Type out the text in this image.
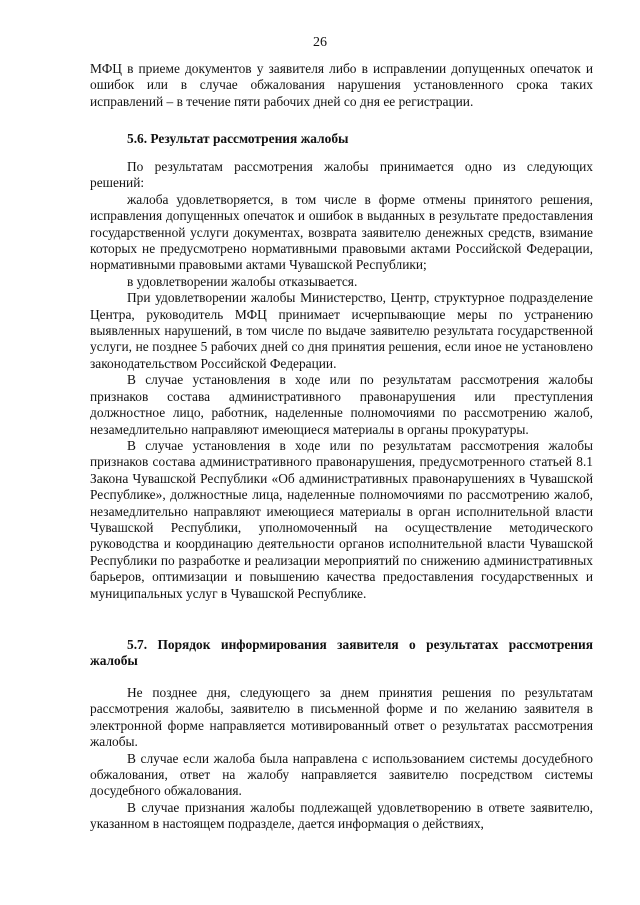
26

МФЦ в приеме документов у заявителя либо в исправлении допущенных опечаток и ошибок или в случае обжалования нарушения установленного срока таких исправлений – в течение пяти рабочих дней со дня ее регистрации.

5.6. Результат рассмотрения жалобы

По результатам рассмотрения жалобы принимается одно из следующих решений:

жалоба удовлетворяется, в том числе в форме отмены принятого решения, исправления допущенных опечаток и ошибок в выданных в результате предоставления государственной услуги документах, возврата заявителю денежных средств, взимание которых не предусмотрено нормативными правовыми актами Российской Федерации, нормативными правовыми актами Чувашской Республики;

в удовлетворении жалобы отказывается.

При удовлетворении жалобы Министерство, Центр, структурное подразделение Центра, руководитель МФЦ принимает исчерпывающие меры по устранению выявленных нарушений, в том числе по выдаче заявителю результата государственной услуги, не позднее 5 рабочих дней со дня принятия решения, если иное не установлено законодательством Российской Федерации.

В случае установления в ходе или по результатам рассмотрения жалобы признаков состава административного правонарушения или преступления должностное лицо, работник, наделенные полномочиями по рассмотрению жалоб, незамедлительно направляют имеющиеся материалы в органы прокуратуры.

В случае установления в ходе или по результатам рассмотрения жалобы признаков состава административного правонарушения, предусмотренного статьей 8.1 Закона Чувашской Республики «Об административных правонарушениях в Чувашской Республике», должностные лица, наделенные полномочиями по рассмотрению жалоб, незамедлительно направляют имеющиеся материалы в орган исполнительной власти Чувашской Республики, уполномоченный на осуществление методического руководства и координацию деятельности органов исполнительной власти Чувашской Республики по разработке и реализации мероприятий по снижению административных барьеров, оптимизации и повышению качества предоставления государственных и муниципальных услуг в Чувашской Республике.

5.7. Порядок информирования заявителя о результатах рассмотрения жалобы

Не позднее дня, следующего за днем принятия решения по результатам рассмотрения жалобы, заявителю в письменной форме и по желанию заявителя в электронной форме направляется мотивированный ответ о результатах рассмотрения жалобы.

В случае если жалоба была направлена с использованием системы досудебного обжалования, ответ на жалобу направляется заявителю посредством системы досудебного обжалования.

В случае признания жалобы подлежащей удовлетворению в ответе заявителю, указанном в настоящем подразделе, дается информация о действиях,
